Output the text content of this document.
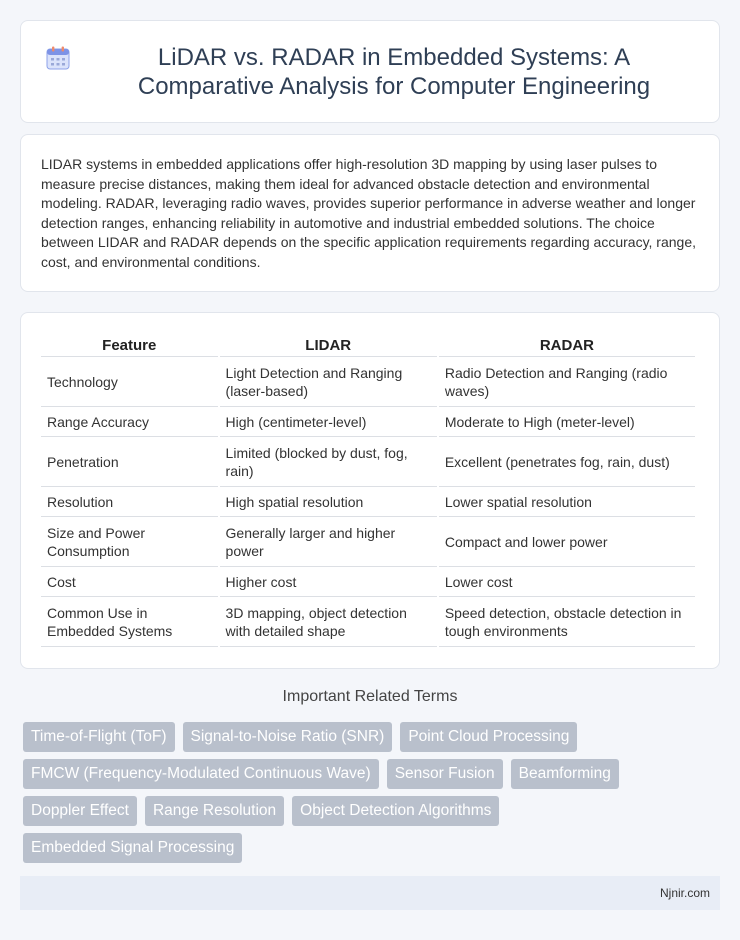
LiDAR vs. RADAR in Embedded Systems: A Comparative Analysis for Computer Engineering

LIDAR systems in embedded applications offer high-resolution 3D mapping by using laser pulses to measure precise distances, making them ideal for advanced obstacle detection and environmental modeling. RADAR, leveraging radio waves, provides superior performance in adverse weather and longer detection ranges, enhancing reliability in automotive and industrial embedded solutions. The choice between LIDAR and RADAR depends on the specific application requirements regarding accuracy, range, cost, and environmental conditions.

Feature	LIDAR	RADAR
Technology	Light Detection and Ranging (laser-based)	Radio Detection and Ranging (radio waves)
Range Accuracy	High (centimeter-level)	Moderate to High (meter-level)
Penetration	Limited (blocked by dust, fog, rain)	Excellent (penetrates fog, rain, dust)
Resolution	High spatial resolution	Lower spatial resolution
Size and Power Consumption	Generally larger and higher power	Compact and lower power
Cost	Higher cost	Lower cost
Common Use in Embedded Systems	3D mapping, object detection with detailed shape	Speed detection, obstacle detection in tough environments
Important Related Terms
Time-of-Flight (ToF)	Signal-to-Noise Ratio (SNR)	Point Cloud Processing
FMCW (Frequency-Modulated Continuous Wave)	Sensor Fusion	Beamforming
Doppler Effect	Range Resolution	Object Detection Algorithms
Embedded Signal Processing
Njnir.com
